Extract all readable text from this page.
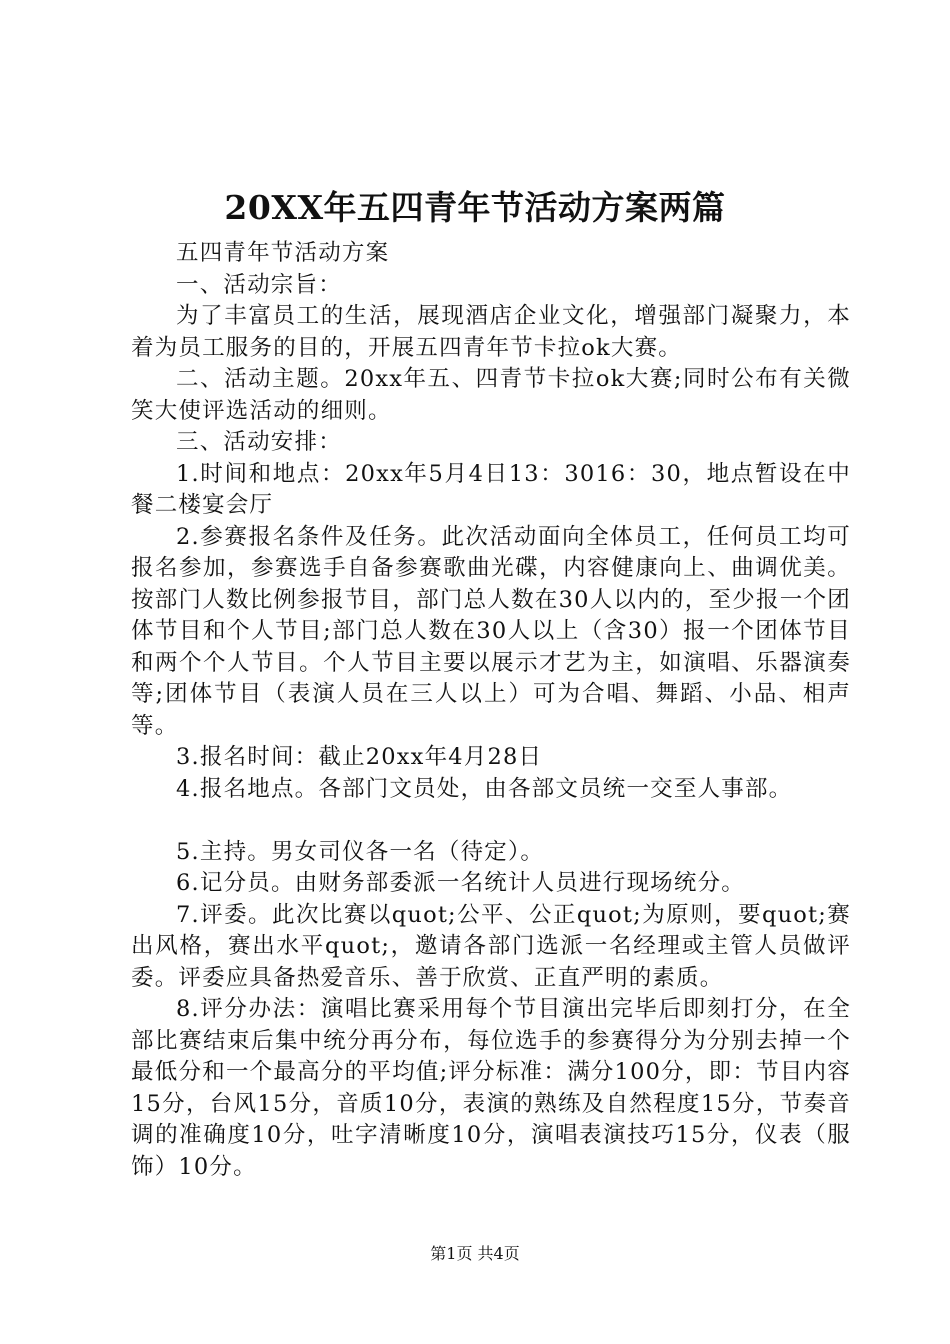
20XX年五四青年节活动方案两篇

五四青年节活动方案

一、活动宗旨：

为了丰富员工的生活，展现酒店企业文化，增强部门凝聚力，本着为员工服务的目的，开展五四青年节卡拉ok大赛。

二、活动主题。20xx年五、四青节卡拉ok大赛;同时公布有关微笑大使评选活动的细则。

三、活动安排：

1.时间和地点：20xx年5月4日13：3016：30，地点暂设在中餐二楼宴会厅

2.参赛报名条件及任务。此次活动面向全体员工，任何员工均可报名参加，参赛选手自备参赛歌曲光碟，内容健康向上、曲调优美。按部门人数比例参报节目，部门总人数在30人以内的，至少报一个团体节目和个人节目;部门总人数在30人以上（含30）报一个团体节目和两个个人节目。个人节目主要以展示才艺为主，如演唱、乐器演奏等;团体节目（表演人员在三人以上）可为合唱、舞蹈、小品、相声等。

3.报名时间：截止20xx年4月28日

4.报名地点。各部门文员处，由各部文员统一交至人事部。

5.主持。男女司仪各一名（待定）。

6.记分员。由财务部委派一名统计人员进行现场统分。

7.评委。此次比赛以quot;公平、公正quot;为原则，要quot;赛出风格，赛出水平quot;，邀请各部门选派一名经理或主管人员做评委。评委应具备热爱音乐、善于欣赏、正直严明的素质。

8.评分办法：演唱比赛采用每个节目演出完毕后即刻打分，在全部比赛结束后集中统分再分布，每位选手的参赛得分为分别去掉一个最低分和一个最高分的平均值;评分标准：满分100分，即：节目内容15分，台风15分，音质10分，表演的熟练及自然程度15分，节奏音调的准确度10分，吐字清晰度10分，演唱表演技巧15分，仪表（服饰）10分。

第1页 共4页
